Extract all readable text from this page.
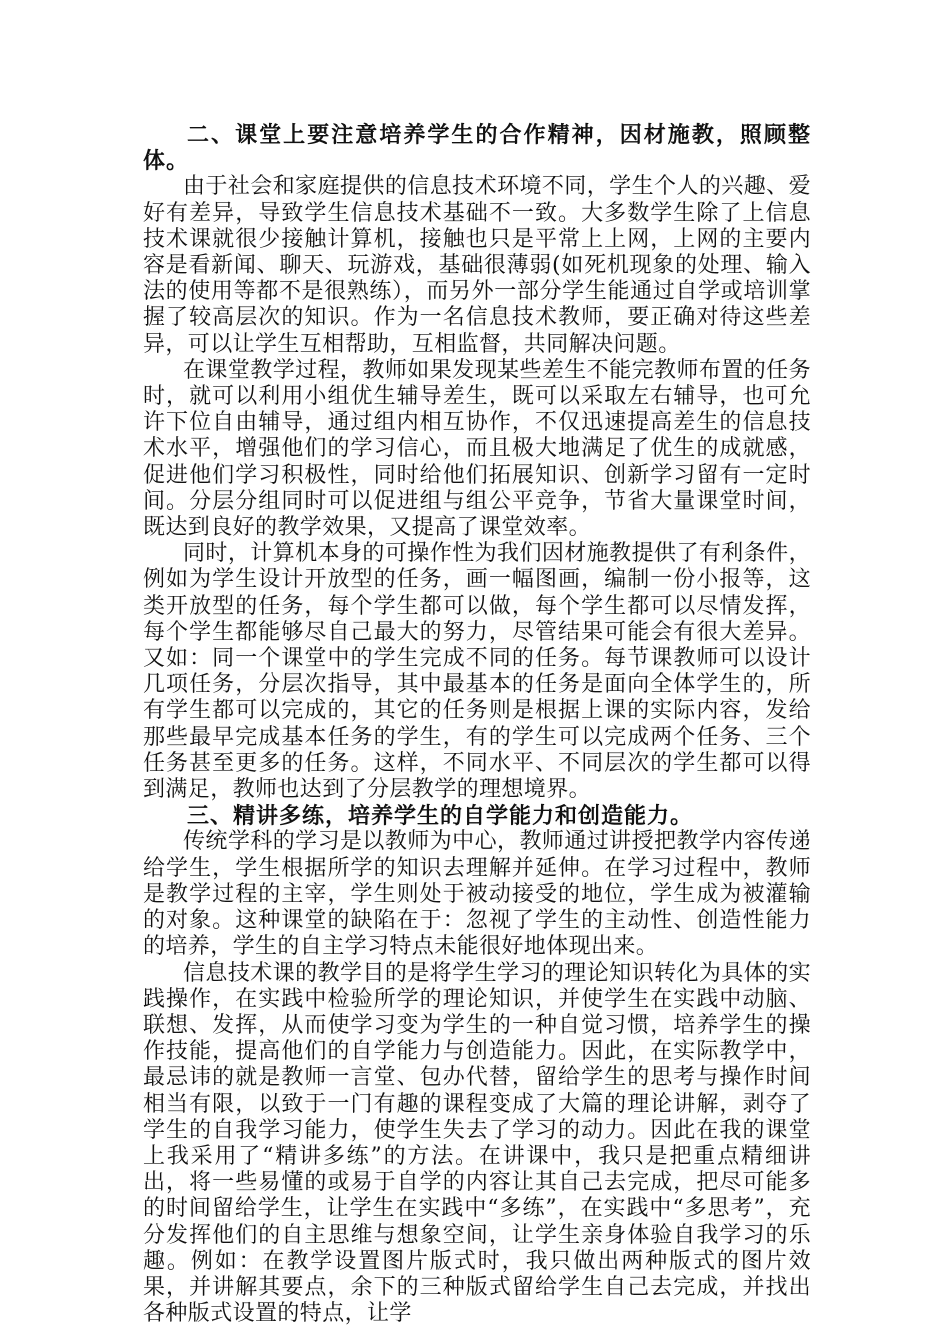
二、课堂上要注意培养学生的合作精神，因材施教，照顾整体。

由于社会和家庭提供的信息技术环境不同，学生个人的兴趣、爱好有差异，导致学生信息技术基础不一致。大多数学生除了上信息技术课就很少接触计算机，接触也只是平常上上网，上网的主要内容是看新闻、聊天、玩游戏，基础很薄弱(如死机现象的处理、输入法的使用等都不是很熟练），而另外一部分学生能通过自学或培训掌握了较高层次的知识。作为一名信息技术教师，要正确对待这些差异，可以让学生互相帮助，互相监督，共同解决问题。

在课堂教学过程，教师如果发现某些差生不能完教师布置的任务时，就可以利用小组优生辅导差生，既可以采取左右辅导，也可允许下位自由辅导，通过组内相互协作，不仅迅速提高差生的信息技术水平，增强他们的学习信心，而且极大地满足了优生的成就感，促进他们学习积极性，同时给他们拓展知识、创新学习留有一定时间。分层分组同时可以促进组与组公平竞争，节省大量课堂时间，既达到良好的教学效果，又提高了课堂效率。

同时，计算机本身的可操作性为我们因材施教提供了有利条件，例如为学生设计开放型的任务，画一幅图画，编制一份小报等，这类开放型的任务，每个学生都可以做，每个学生都可以尽情发挥，每个学生都能够尽自己最大的努力，尽管结果可能会有很大差异。又如：同一个课堂中的学生完成不同的任务。每节课教师可以设计几项任务，分层次指导，其中最基本的任务是面向全体学生的，所有学生都可以完成的，其它的任务则是根据上课的实际内容，发给那些最早完成基本任务的学生，有的学生可以完成两个任务、三个任务甚至更多的任务。这样，不同水平、不同层次的学生都可以得到满足，教师也达到了分层教学的理想境界。

三、精讲多练，培养学生的自学能力和创造能力。

传统学科的学习是以教师为中心，教师通过讲授把教学内容传递给学生，学生根据所学的知识去理解并延伸。在学习过程中，教师是教学过程的主宰，学生则处于被动接受的地位，学生成为被灌输的对象。这种课堂的缺陷在于：忽视了学生的主动性、创造性能力的培养，学生的自主学习特点未能很好地体现出来。

信息技术课的教学目的是将学生学习的理论知识转化为具体的实践操作，在实践中检验所学的理论知识，并使学生在实践中动脑、联想、发挥，从而使学习变为学生的一种自觉习惯，培养学生的操作技能，提高他们的自学能力与创造能力。因此，在实际教学中，最忌讳的就是教师一言堂、包办代替，留给学生的思考与操作时间相当有限，以致于一门有趣的课程变成了大篇的理论讲解，剥夺了学生的自我学习能力，使学生失去了学习的动力。因此在我的课堂上我采用了“精讲多练”的方法。在讲课中，我只是把重点精细讲出，将一些易懂的或易于自学的内容让其自己去完成，把尽可能多的时间留给学生，让学生在实践中“多练”，在实践中“多思考”，充分发挥他们的自主思维与想象空间，让学生亲身体验自我学习的乐趣。例如：在教学设置图片版式时，我只做出两种版式的图片效果，并讲解其要点，余下的三种版式留给学生自己去完成，并找出各种版式设置的特点，让学
